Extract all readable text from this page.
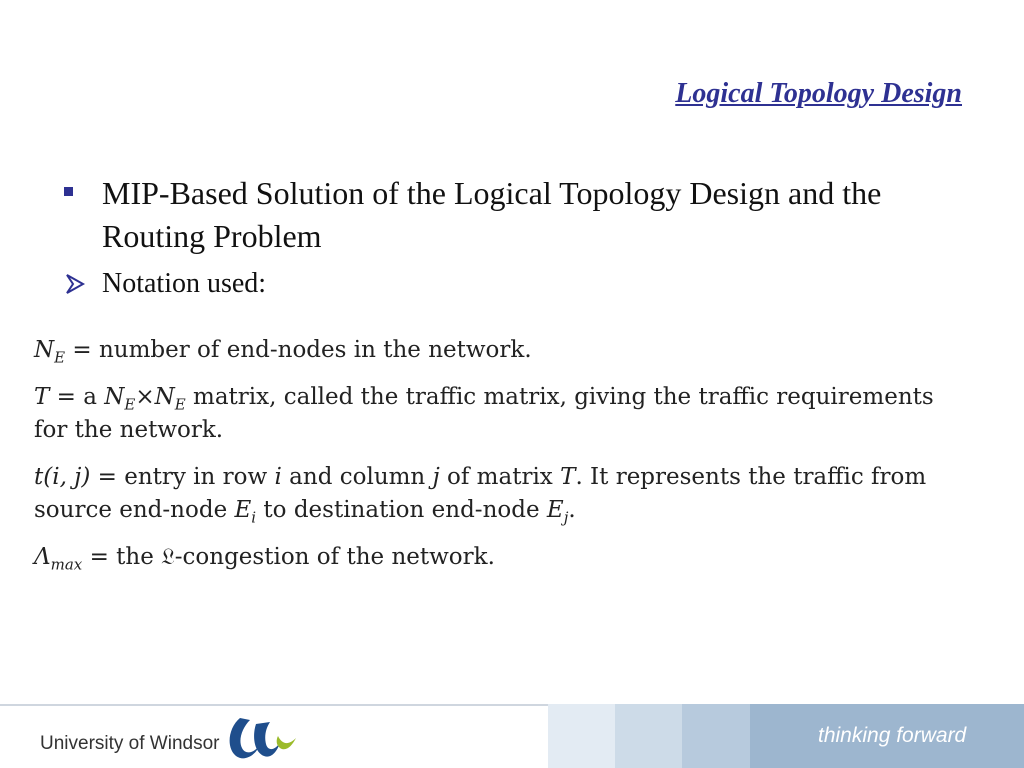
Logical Topology Design
MIP-Based Solution of the Logical Topology Design and the Routing Problem
Notation used:

$N_E$ = number of end-nodes in the network.

T = a $N_E\times N_E$ matrix, called the traffic matrix, giving the traffic requirements for the network.

t(i, j) = entry in row i and column j of matrix T. It represents the traffic from source end-node $E_i$ to destination end-node $E_j$.

$\Lambda_{max}$ = the 𝔏-congestion of the network.

University of Windsor	thinking forward
